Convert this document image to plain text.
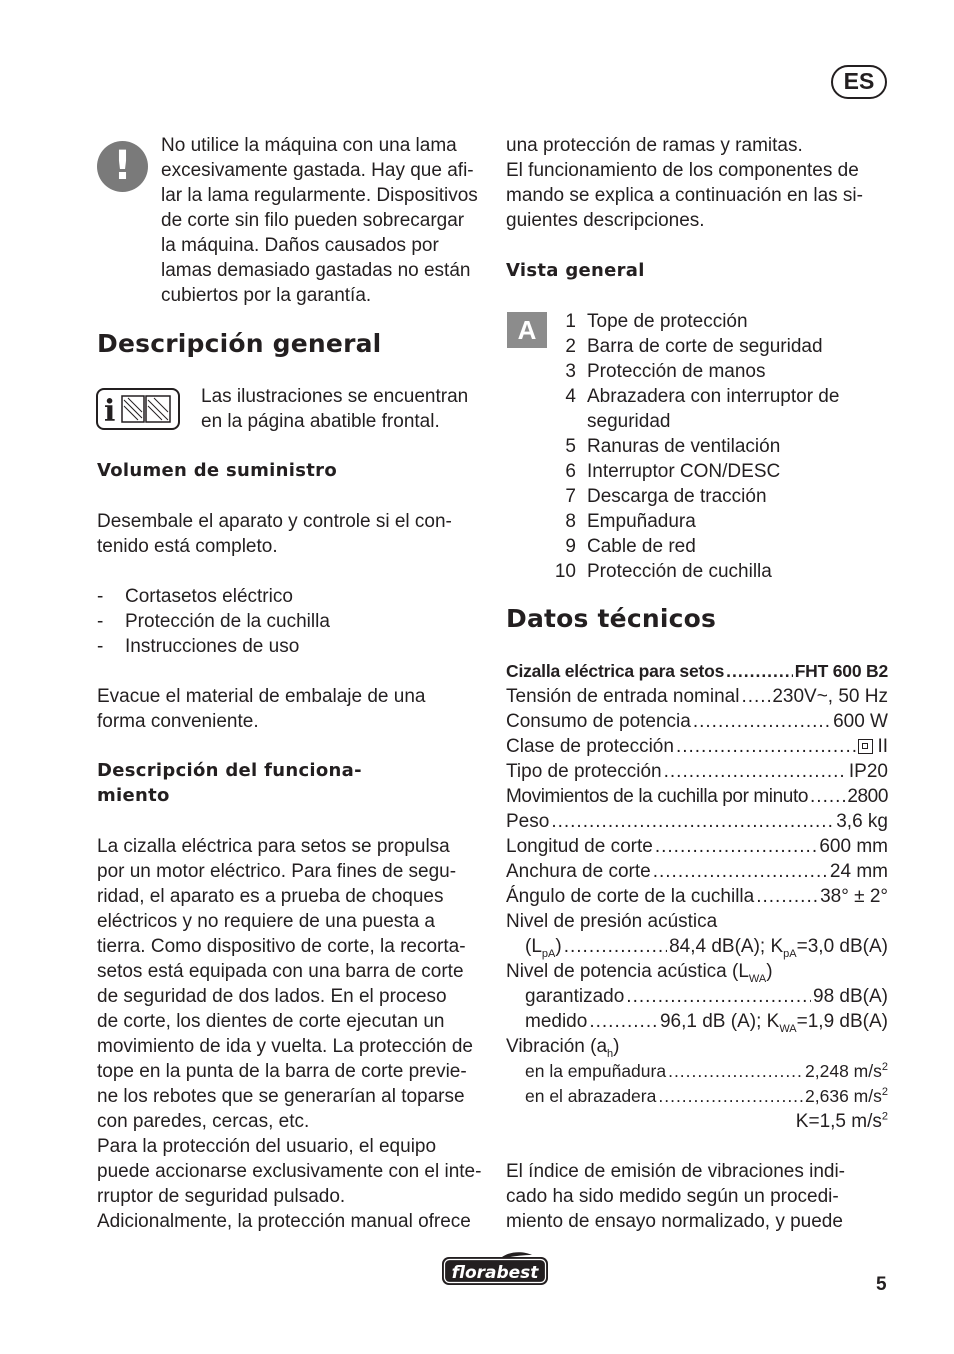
ES
!	No utilice la máquina con una lama

excesivamente gastada. Hay que afi-

lar la lama regularmente. Dispositivos

de corte sin filo pueden sobrecargar

la máquina. Daños causados por

lamas demasiado gastadas no están

cubiertos por la garantía.

Descripción general
i	Las ilustraciones se encuentran

en la página abatible frontal.

Volumen de suministro

Desembale el aparato y controle si el con-

tenido está completo.

- Cortasetos eléctrico
- Protección de la cuchilla
- Instrucciones de uso

Evacue el material de embalaje de una

forma conveniente.

Descripción del funciona-

miento

La cizalla eléctrica para setos se propulsa

por un motor eléctrico. Para fines de segu-

ridad, el aparato es a prueba de choques

eléctricos y no requiere de una puesta a

tierra. Como dispositivo de corte, la recorta-

setos está equipada con una barra de corte

de seguridad de dos lados. En el proceso

de corte, los dientes de corte ejecutan un

movimiento de ida y vuelta. La protección de

tope en la punta de la barra de corte previe-

ne los rebotes que se generarían al toparse

con paredes, cercas, etc.

Para la protección del usuario, el equipo

puede accionarse exclusivamente con el inte-

rruptor de seguridad pulsado.

Adicionalmente, la protección manual ofrece

una protección de ramas y ramitas.

El funcionamiento de los componentes de

mando se explica a continuación en las si-

guientes descripciones.

Vista general
A	1 Tope de protección
2 Barra de corte de seguridad
3 Protección de manos
4 Abrazadera con interruptor de
seguridad
5 Ranuras de ventilación
6 Interruptor CON/DESC
7 Descarga de tracción
8 Empuñadura
9 Cable de red
10 Protección de cuchilla
Datos técnicos
Cizalla eléctrica para setos .....	FHT 600 B2
Tensión de entrada nominal ..... 230V~, 50 Hz
Consumo de potencia .....	600 W
Clase de protección .....	II
Tipo de protección .....	IP20
Movimientos de la cuchilla por minuto ..... 2800
Peso .....	3,6 kg
Longitud de corte .....	600 mm
Anchura de corte .....	24 mm
Ángulo de corte de la cuchilla .....	38° ± 2°
Nivel de presión acústica
$(L_{pA})$ .....	84,4 dB(A); $K_{pA}=3,0$ dB(A)
Nivel de potencia acústica $(L_{WA})$
garantizado .....	98 dB(A)
medido .....	96,1 dB (A); $K_{WA}=1,9$ dB(A)
Vibración $(a_h)$
en la empuñadura .....	2,248 $m/s^2$
en el abrazadera .....	2,636 $m/s^2$
K=1,5 $m/s^2$

El índice de emisión de vibraciones indi-

cado ha sido medido según un procedi-

miento de ensayo normalizado, y puede

florabest
5
